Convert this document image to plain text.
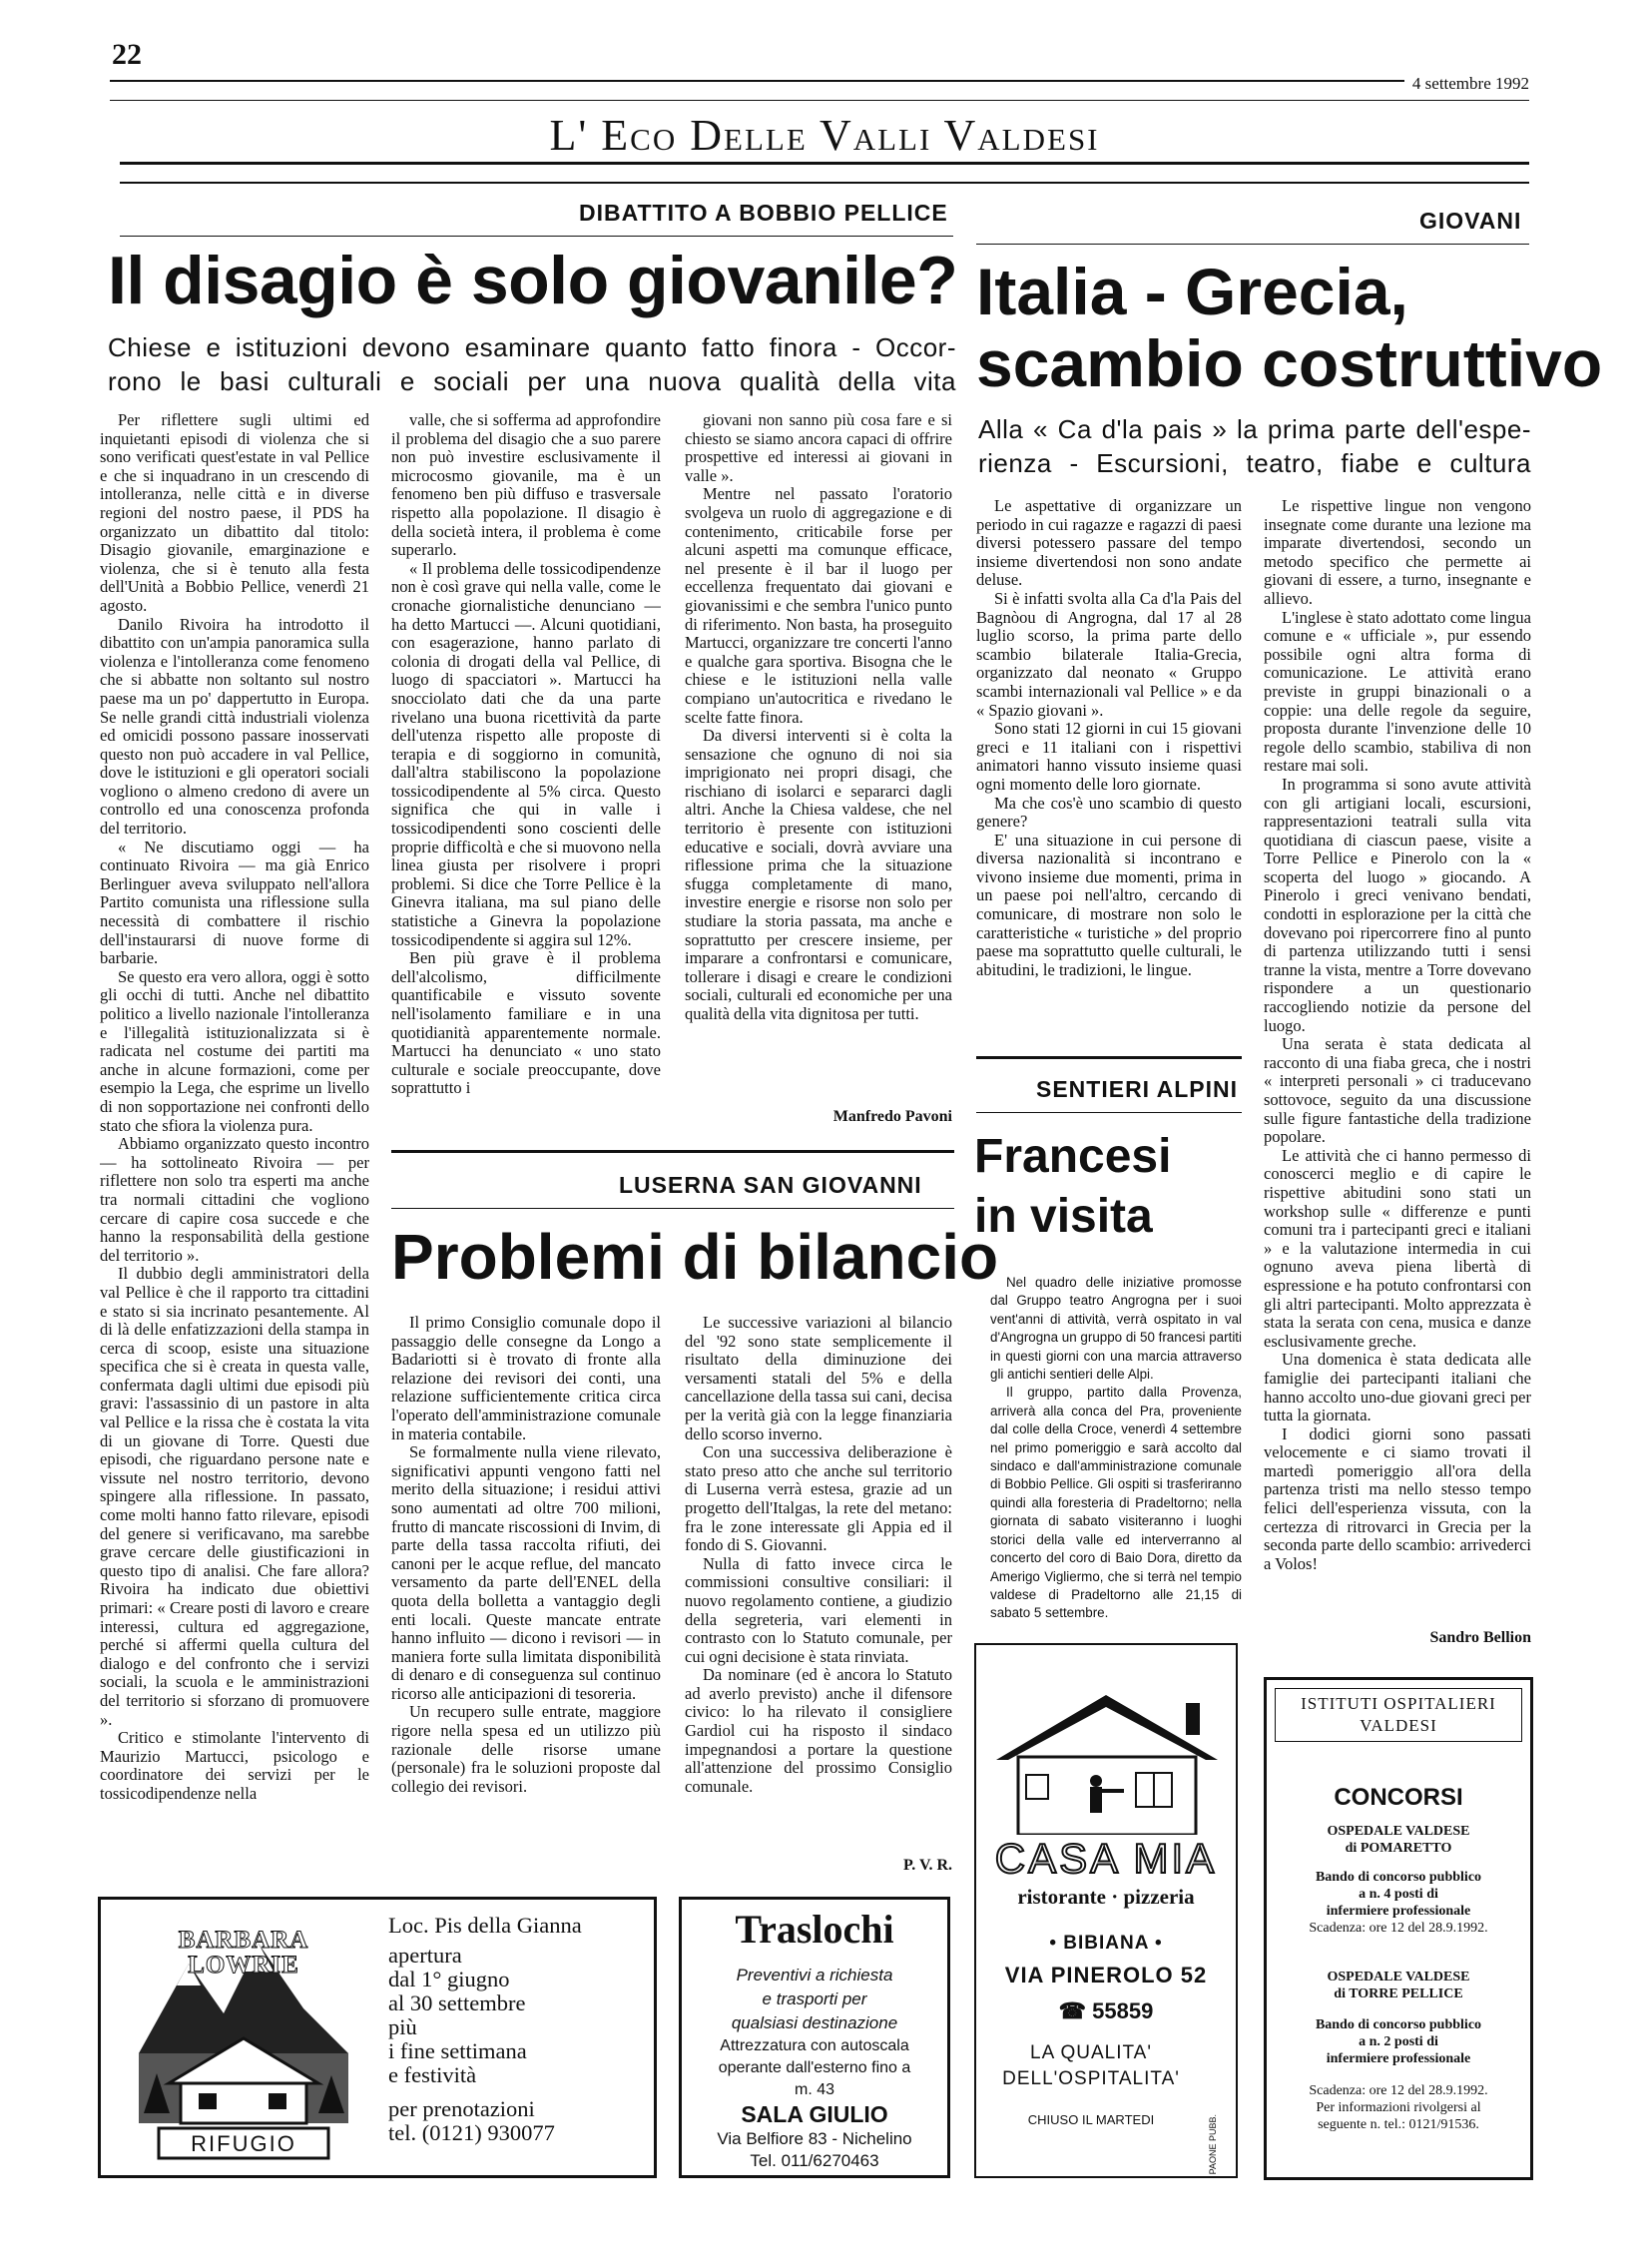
22
4 settembre 1992
L' Eco Delle Valli Valdesi
DIBATTITO A BOBBIO PELLICE
Il disagio è solo giovanile?
Chiese e istituzioni devono esaminare quanto fatto finora - Occor-
rono le basi culturali e sociali per una nuova qualità della vita

Per riflettere sugli ultimi ed inquietanti episodi di violenza che si sono verificati quest'estate in val Pellice e che si inquadrano in un crescendo di intolleranza, nelle città e in diverse regioni del nostro paese, il PDS ha organizzato un dibattito dal titolo: Disagio giovanile, emarginazione e violenza, che si è tenuto alla festa dell'Unità a Bobbio Pellice, venerdì 21 agosto.

Danilo Rivoira ha introdotto il dibattito con un'ampia panoramica sulla violenza e l'intolleranza come fenomeno che si abbatte non soltanto sul nostro paese ma un po' dappertutto in Europa. Se nelle grandi città industriali violenza ed omicidi possono passare inosservati questo non può accadere in val Pellice, dove le istituzioni e gli operatori sociali vogliono o almeno credono di avere un controllo ed una conoscenza profonda del territorio.

« Ne discutiamo oggi — ha continuato Rivoira — ma già Enrico Berlinguer aveva sviluppato nell'allora Partito comunista una riflessione sulla necessità di combattere il rischio dell'instaurarsi di nuove forme di barbarie.

Se questo era vero allora, oggi è sotto gli occhi di tutti. Anche nel dibattito politico a livello nazionale l'intolleranza e l'illegalità istituzionalizzata si è radicata nel costume dei partiti ma anche in alcune formazioni, come per esempio la Lega, che esprime un livello di non sopportazione nei confronti dello stato che sfiora la violenza pura.

Abbiamo organizzato questo incontro — ha sottolineato Rivoira — per riflettere non solo tra esperti ma anche tra normali cittadini che vogliono cercare di capire cosa succede e che hanno la responsabilità della gestione del territorio ».

Il dubbio degli amministratori della val Pellice è che il rapporto tra cittadini e stato si sia incrinato pesantemente. Al di là delle enfatizzazioni della stampa in cerca di scoop, esiste una situazione specifica che si è creata in questa valle, confermata dagli ultimi due episodi più gravi: l'assassinio di un pastore in alta val Pellice e la rissa che è costata la vita di un giovane di Torre. Questi due episodi, che riguardano persone nate e vissute nel nostro territorio, devono spingere alla riflessione. In passato, come molti hanno fatto rilevare, episodi del genere si verificavano, ma sarebbe grave cercare delle giustificazioni in questo tipo di analisi. Che fare allora? Rivoira ha indicato due obiettivi primari: « Creare posti di lavoro e creare interessi, cultura ed aggregazione, perché si affermi quella cultura del dialogo e del confronto che i servizi sociali, la scuola e le amministrazioni del territorio si sforzano di promuovere ».

Critico e stimolante l'intervento di Maurizio Martucci, psicologo e coordinatore dei servizi per le tossicodipendenze nella

valle, che si sofferma ad approfondire il problema del disagio che a suo parere non può investire esclusivamente il microcosmo giovanile, ma è un fenomeno ben più diffuso e trasversale rispetto alla popolazione. Il disagio è della società intera, il problema è come superarlo.

« Il problema delle tossicodipendenze non è così grave qui nella valle, come le cronache giornalistiche denunciano — ha detto Martucci —. Alcuni quotidiani, con esagerazione, hanno parlato di colonia di drogati della val Pellice, di luogo di spacciatori ». Martucci ha snocciolato dati che da una parte rivelano una buona ricettività da parte dell'utenza rispetto alle proposte di terapia e di soggiorno in comunità, dall'altra stabiliscono la popolazione tossicodipendente al 5% circa. Questo significa che qui in valle i tossicodipendenti sono coscienti delle proprie difficoltà e che si muovono nella linea giusta per risolvere i propri problemi. Si dice che Torre Pellice è la Ginevra italiana, ma sul piano delle statistiche a Ginevra la popolazione tossicodipendente si aggira sul 12%.

Ben più grave è il problema dell'alcolismo, difficilmente quantificabile e vissuto sovente nell'isolamento familiare e in una quotidianità apparentemente normale. Martucci ha denunciato « uno stato culturale e sociale preoccupante, dove soprattutto i

giovani non sanno più cosa fare e si chiesto se siamo ancora capaci di offrire prospettive ed interessi ai giovani in valle ».

Mentre nel passato l'oratorio svolgeva un ruolo di aggregazione e di contenimento, criticabile forse per alcuni aspetti ma comunque efficace, nel presente è il bar il luogo per eccellenza frequentato dai giovani e giovanissimi e che sembra l'unico punto di riferimento. Non basta, ha proseguito Martucci, organizzare tre concerti l'anno e qualche gara sportiva. Bisogna che le chiese e le istituzioni nella valle compiano un'autocritica e rivedano le scelte fatte finora.

Da diversi interventi si è colta la sensazione che ognuno di noi sia imprigionato nei propri disagi, che rischiano di isolarci e separarci dagli altri. Anche la Chiesa valdese, che nel territorio è presente con istituzioni educative e sociali, dovrà avviare una riflessione prima che la situazione sfugga completamente di mano, investire energie e risorse non solo per studiare la storia passata, ma anche e soprattutto per crescere insieme, per imparare a confrontarsi e comunicare, tollerare i disagi e creare le condizioni sociali, culturali ed economiche per una qualità della vita dignitosa per tutti.

Manfredo Pavoni
LUSERNA SAN GIOVANNI
Problemi di bilancio

Il primo Consiglio comunale dopo il passaggio delle consegne da Longo a Badariotti si è trovato di fronte alla relazione dei revisori dei conti, una relazione sufficientemente critica circa l'operato dell'amministrazione comunale in materia contabile.

Se formalmente nulla viene rilevato, significativi appunti vengono fatti nel merito della situazione; i residui attivi sono aumentati ad oltre 700 milioni, frutto di mancate riscossioni di Invim, di parte della tassa raccolta rifiuti, dei canoni per le acque reflue, del mancato versamento da parte dell'ENEL della quota della bolletta a vantaggio degli enti locali. Queste mancate entrate hanno influito — dicono i revisori — in maniera forte sulla limitata disponibilità di denaro e di conseguenza sul continuo ricorso alle anticipazioni di tesoreria.

Un recupero sulle entrate, maggiore rigore nella spesa ed un utilizzo più razionale delle risorse umane (personale) fra le soluzioni proposte dal collegio dei revisori.

Le successive variazioni al bilancio del '92 sono state semplicemente il risultato della diminuzione dei versamenti statali del 5% e della cancellazione della tassa sui cani, decisa per la verità già con la legge finanziaria dello scorso inverno.

Con una successiva deliberazione è stato preso atto che anche sul territorio di Luserna verrà estesa, grazie ad un progetto dell'Italgas, la rete del metano: fra le zone interessate gli Appia ed il fondo di S. Giovanni.

Nulla di fatto invece circa le commissioni consultive consiliari: il nuovo regolamento contiene, a giudizio della segreteria, vari elementi in contrasto con lo Statuto comunale, per cui ogni decisione è stata rinviata.

Da nominare (ed è ancora lo Statuto ad averlo previsto) anche il difensore civico: lo ha rilevato il consigliere Gardiol cui ha risposto il sindaco impegnandosi a portare la questione all'attenzione del prossimo Consiglio comunale.

P. V. R.
GIOVANI
Italia - Grecia,
scambio costruttivo
Alla « Ca d'la pais » la prima parte dell'espe-
rienza - Escursioni, teatro, fiabe e cultura

Le aspettative di organizzare un periodo in cui ragazze e ragazzi di paesi diversi potessero passare del tempo insieme divertendosi non sono andate deluse.

Si è infatti svolta alla Ca d'la Pais del Bagnòou di Angrogna, dal 17 al 28 luglio scorso, la prima parte dello scambio bilaterale Italia-Grecia, organizzato dal neonato « Gruppo scambi internazionali val Pellice » e da « Spazio giovani ».

Sono stati 12 giorni in cui 15 giovani greci e 11 italiani con i rispettivi animatori hanno vissuto insieme quasi ogni momento delle loro giornate.

Ma che cos'è uno scambio di questo genere?

E' una situazione in cui persone di diversa nazionalità si incontrano e vivono insieme due momenti, prima in un paese poi nell'altro, cercando di comunicare, di mostrare non solo le caratteristiche « turistiche » del proprio paese ma soprattutto quelle culturali, le abitudini, le tradizioni, le lingue.

Le rispettive lingue non vengono insegnate come durante una lezione ma imparate divertendosi, secondo un metodo specifico che permette ai giovani di essere, a turno, insegnante e allievo.

L'inglese è stato adottato come lingua comune e « ufficiale », pur essendo possibile ogni altra forma di comunicazione. Le attività erano previste in gruppi binazionali o a coppie: una delle regole da seguire, proposta durante l'invenzione delle 10 regole dello scambio, stabiliva di non restare mai soli.

In programma si sono avute attività con gli artigiani locali, escursioni, rappresentazioni teatrali sulla vita quotidiana di ciascun paese, visite a Torre Pellice e Pinerolo con la « scoperta del luogo » giocando. A Pinerolo i greci venivano bendati, condotti in esplorazione per la città che dovevano poi ripercorrere fino al punto di partenza utilizzando tutti i sensi tranne la vista, mentre a Torre dovevano rispondere a un questionario raccogliendo notizie da persone del luogo.

Una serata è stata dedicata al racconto di una fiaba greca, che i nostri « interpreti personali » ci traducevano sottovoce, seguito da una discussione sulle figure fantastiche della tradizione popolare.

Le attività che ci hanno permesso di conoscerci meglio e di capire le rispettive abitudini sono stati un workshop sulle « differenze e punti comuni tra i partecipanti greci e italiani » e la valutazione intermedia in cui ognuno aveva piena libertà di espressione e ha potuto confrontarsi con gli altri partecipanti. Molto apprezzata è stata la serata con cena, musica e danze esclusivamente greche.

Una domenica è stata dedicata alle famiglie dei partecipanti italiani che hanno accolto uno-due giovani greci per tutta la giornata.

I dodici giorni sono passati velocemente e ci siamo trovati il martedì pomeriggio all'ora della partenza tristi ma nello stesso tempo felici dell'esperienza vissuta, con la certezza di ritrovarci in Grecia per la seconda parte dello scambio: arrivederci a Volos!

Sandro Bellion
SENTIERI ALPINI
Francesi
in visita

Nel quadro delle iniziative promosse dal Gruppo teatro Angrogna per i suoi vent'anni di attività, verrà ospitato in val d'Angrogna un gruppo di 50 francesi partiti in questi giorni con una marcia attraverso gli antichi sentieri delle Alpi.

Il gruppo, partito dalla Provenza, arriverà alla conca del Pra, proveniente dal colle della Croce, venerdì 4 settembre nel primo pomeriggio e sarà accolto dal sindaco e dall'amministrazione comunale di Bobbio Pellice. Gli ospiti si trasferiranno quindi alla foresteria di Pradeltorno; nella giornata di sabato visiteranno i luoghi storici della valle ed interverranno al concerto del coro di Baio Dora, diretto da Amerigo Vigliermo, che si terrà nel tempio valdese di Pradeltorno alle 21,15 di sabato 5 settembre.

CASA MIA
ristorante · pizzeria
• BIBIANA •
VIA PINEROLO 52
☎ 55859
LA QUALITA'
DELL'OSPITALITA'
CHIUSO IL MARTEDI	PAONE PUBB.
ISTITUTI OSPITALIERI
VALDESI
CONCORSI
OSPEDALE VALDESE
di POMARETTO
Bando di concorso pubblico
a n. 4 posti di
infermiere professionale
Scadenza: ore 12 del 28.9.1992.
OSPEDALE VALDESE
di TORRE PELLICE
Bando di concorso pubblico
a n. 2 posti di
infermiere professionale
Scadenza: ore 12 del 28.9.1992.
Per informazioni rivolgersi al
seguente n. tel.: 0121/91536.
BARBARA LOWRIE
RIFUGIO
Loc. Pis della Gianna
apertura
dal 1° giugno
al 30 settembre
più
i fine settimana
e festività
per prenotazioni
tel. (0121) 930077
Traslochi
Preventivi a richiesta
e trasporti per
qualsiasi destinazione
Attrezzatura con autoscala
operante dall'esterno fino a
m. 43
SALA GIULIO
Via Belfiore 83 - Nichelino
Tel. 011/6270463
